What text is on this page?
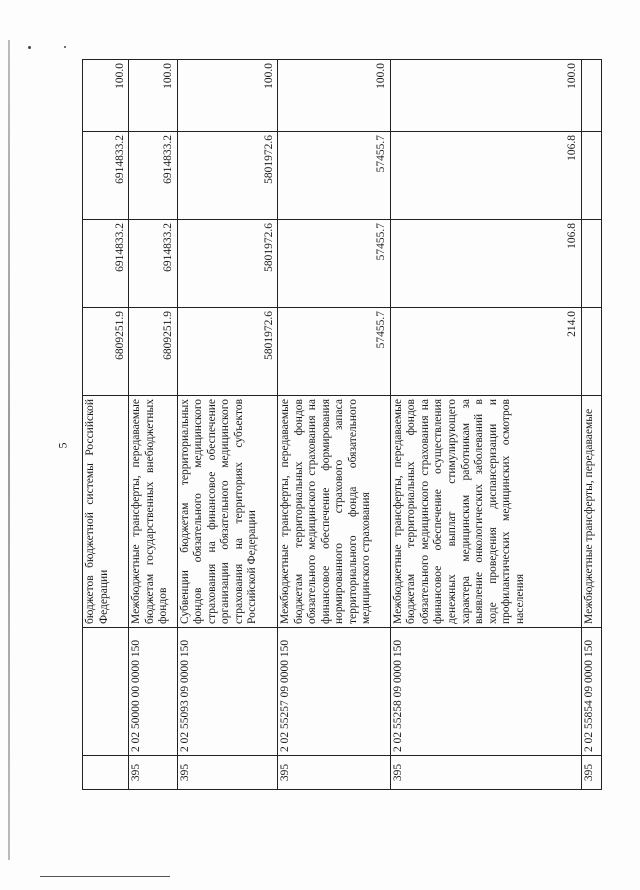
5
		бюджетов бюджетной системы Российской Федерации	6809251.9	6914833.2	6914833.2	100.0
395	2 02 50000 00 0000 150	Межбюджетные трансферты, передаваемые бюджетам государственных внебюджетных фондов	6809251.9	6914833.2	6914833.2	100.0
395	2 02 55093 09 0000 150	Субвенции бюджетам территориальных фондов обязательного медицинского страхования на финансовое обеспечение организации обязательного медицинского страхования на территориях субъектов Российской Федерации	5801972.6	5801972.6	5801972.6	100.0
395	2 02 55257 09 0000 150	Межбюджетные трансферты, передаваемые бюджетам территориальных фондов обязательного медицинского страхования на финансовое обеспечение формирования нормированного страхового запаса территориального фонда обязательного медицинского страхования	57455.7	57455.7	57455.7	100.0
395	2 02 55258 09 0000 150	Межбюджетные трансферты, передаваемые бюджетам территориальных фондов обязательного медицинского страхования на финансовое обеспечение осуществления денежных выплат стимулирующего характера медицинским работникам за выявление онкологических заболеваний в ходе проведения диспансеризации и профилактических медицинских осмотров населения	214.0	106.8	106.8	100.0
395	2 02 55854 09 0000 150	Межбюджетные трансферты, передаваемые				
